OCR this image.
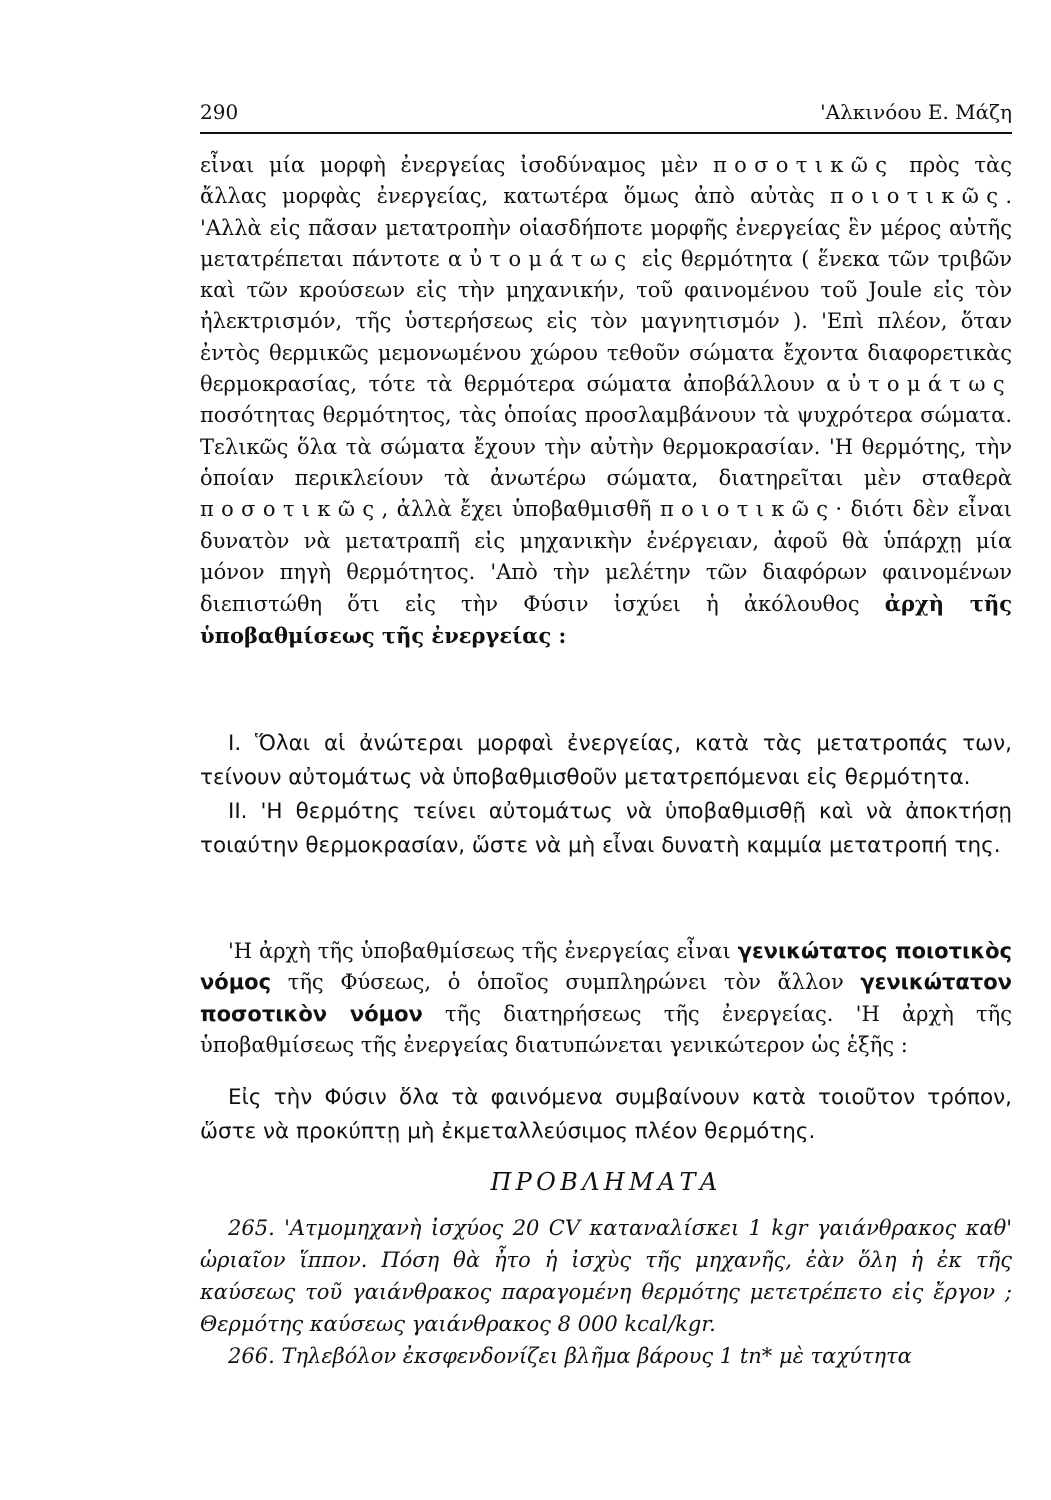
290	'Αλκινόου Ε. Μάζη

εἶναι μία μορφὴ ἐνεργείας ἰσοδύναμος μὲν ποσοτικῶς πρὸς τὰς ἄλλας μορφὰς ἐνεργείας, κατωτέρα ὅμως ἀπὸ αὐτὰς ποιοτικῶς. 'Αλλὰ εἰς πᾶσαν μετατροπὴν οἱασδήποτε μορφῆς ἐνεργείας ἓν μέρος αὐτῆς μετατρέπεται πάντοτε αὐτομάτως εἰς θερμότητα ( ἕνεκα τῶν τριβῶν καὶ τῶν κρούσεων εἰς τὴν μηχανικήν, τοῦ φαινομένου τοῦ Joule εἰς τὸν ἠλεκτρισμόν, τῆς ὑστερήσεως εἰς τὸν μαγνητισμόν ). 'Επὶ πλέον, ὅταν ἐντὸς θερμικῶς μεμονωμένου χώρου τεθοῦν σώματα ἔχοντα διαφορετικὰς θερμοκρασίας, τότε τὰ θερμότερα σώματα ἀποβάλλουν αὐτομάτως ποσότητας θερμότητος, τὰς ὁποίας προσλαμβάνουν τὰ ψυχρότερα σώματα. Τελικῶς ὅλα τὰ σώματα ἔχουν τὴν αὐτὴν θερμοκρασίαν. 'Η θερμότης, τὴν ὁποίαν περικλείουν τὰ ἀνωτέρω σώματα, διατηρεῖται μὲν σταθερὰ ποσοτικῶς, ἀλλὰ ἔχει ὑποβαθμισθῆ ποιοτικῶς· διότι δὲν εἶναι δυνατὸν νὰ μετατραπῆ εἰς μηχανικὴν ἐνέργειαν, ἀφοῦ θὰ ὑπάρχῃ μία μόνον πηγὴ θερμότητος. 'Απὸ τὴν μελέτην τῶν διαφόρων φαινομένων διεπιστώθη ὅτι εἰς τὴν Φύσιν ἰσχύει ἡ ἀκόλουθος ἀρχὴ τῆς ὑποβαθμίσεως τῆς ἐνεργείας :

I. Ὅλαι αἱ ἀνώτεραι μορφαὶ ἐνεργείας, κατὰ τὰς μετατροπάς των, τείνουν αὐτομάτως νὰ ὑποβαθμισθοῦν μετατρεπόμεναι εἰς θερμότητα.

II. 'Η θερμότης τείνει αὐτομάτως νὰ ὑποβαθμισθῇ καὶ νὰ ἀποκτήσῃ τοιαύτην θερμοκρασίαν, ὥστε νὰ μὴ εἶναι δυνατὴ καμμία μετατροπή της.

'Η ἀρχὴ τῆς ὑποβαθμίσεως τῆς ἐνεργείας εἶναι γενικώτατος ποιοτικὸς νόμος τῆς Φύσεως, ὁ ὁποῖος συμπληρώνει τὸν ἄλλον γενικώτατον ποσοτικὸν νόμον τῆς διατηρήσεως τῆς ἐνεργείας. 'Η ἀρχὴ τῆς ὑποβαθμίσεως τῆς ἐνεργείας διατυπώνεται γενικώτερον ὡς ἑξῆς :
Εἰς τὴν Φύσιν ὅλα τὰ φαινόμενα συμβαίνουν κατὰ τοιοῦτον τρόπον, ὥστε νὰ προκύπτῃ μὴ ἐκμεταλλεύσιμος πλέον θερμότης.
ΠΡΟΒΛΗΜΑΤΑ

265. 'Ατμομηχανὴ ἰσχύος 20 CV καταναλίσκει 1 kgr γαιάνθρακος καθ' ὡριαῖον ἵππον. Πόση θὰ ἦτο ἡ ἰσχὺς τῆς μηχανῆς, ἐὰν ὅλη ἡ ἐκ τῆς καύσεως τοῦ γαιάνθρακος παραγομένη θερμότης μετετρέπετο εἰς ἔργον ; Θερμότης καύσεως γαιάνθρακος 8 000 kcal/kgr.

266. Τηλεβόλον ἐκσφενδονίζει βλῆμα βάρους 1 tn* μὲ ταχύτητα
